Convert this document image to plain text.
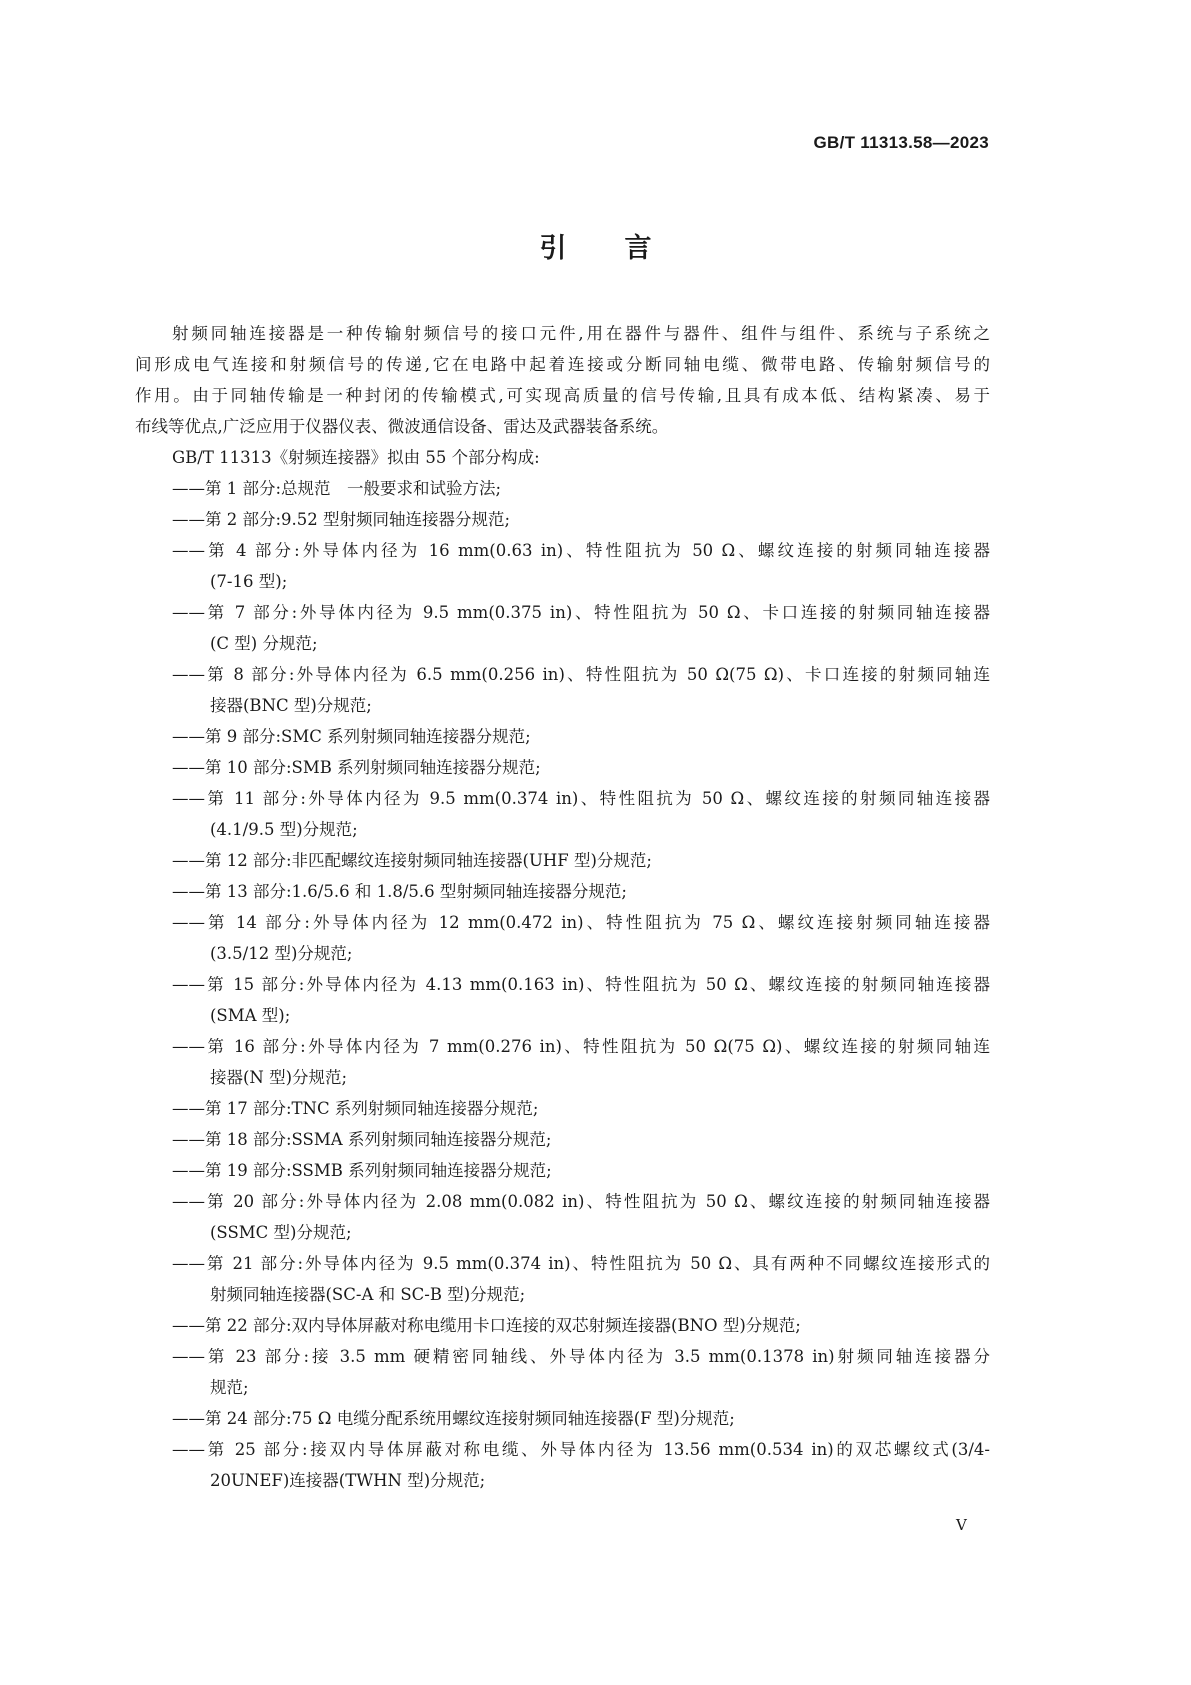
GB/T 11313.58—2023
引言
射频同轴连接器是一种传输射频信号的接口元件,用在器件与器件、组件与组件、系统与子系统之
间形成电气连接和射频信号的传递,它在电路中起着连接或分断同轴电缆、微带电路、传输射频信号的
作用。由于同轴传输是一种封闭的传输模式,可实现高质量的信号传输,且具有成本低、结构紧凑、易于
布线等优点,广泛应用于仪器仪表、微波通信设备、雷达及武器装备系统。
GB/T 11313《射频连接器》拟由 55 个部分构成:
——第 1 部分:总规范　一般要求和试验方法;
——第 2 部分:9.52 型射频同轴连接器分规范;
——第 4 部分:外导体内径为 16 mm(0.63 in)、特性阻抗为 50 Ω、螺纹连接的射频同轴连接器
(7-16 型);
——第 7 部分:外导体内径为 9.5 mm(0.375 in)、特性阻抗为 50 Ω、卡口连接的射频同轴连接器
(C 型) 分规范;
——第 8 部分:外导体内径为 6.5 mm(0.256 in)、特性阻抗为 50 Ω(75 Ω)、卡口连接的射频同轴连
接器(BNC 型)分规范;
——第 9 部分:SMC 系列射频同轴连接器分规范;
——第 10 部分:SMB 系列射频同轴连接器分规范;
——第 11 部分:外导体内径为 9.5 mm(0.374 in)、特性阻抗为 50 Ω、螺纹连接的射频同轴连接器
(4.1/9.5 型)分规范;
——第 12 部分:非匹配螺纹连接射频同轴连接器(UHF 型)分规范;
——第 13 部分:1.6/5.6 和 1.8/5.6 型射频同轴连接器分规范;
——第 14 部分:外导体内径为 12 mm(0.472 in)、特性阻抗为 75 Ω、螺纹连接射频同轴连接器
(3.5/12 型)分规范;
——第 15 部分:外导体内径为 4.13 mm(0.163 in)、特性阻抗为 50 Ω、螺纹连接的射频同轴连接器
(SMA 型);
——第 16 部分:外导体内径为 7 mm(0.276 in)、特性阻抗为 50 Ω(75 Ω)、螺纹连接的射频同轴连
接器(N 型)分规范;
——第 17 部分:TNC 系列射频同轴连接器分规范;
——第 18 部分:SSMA 系列射频同轴连接器分规范;
——第 19 部分:SSMB 系列射频同轴连接器分规范;
——第 20 部分:外导体内径为 2.08 mm(0.082 in)、特性阻抗为 50 Ω、螺纹连接的射频同轴连接器
(SSMC 型)分规范;
——第 21 部分:外导体内径为 9.5 mm(0.374 in)、特性阻抗为 50 Ω、具有两种不同螺纹连接形式的
射频同轴连接器(SC-A 和 SC-B 型)分规范;
——第 22 部分:双内导体屏蔽对称电缆用卡口连接的双芯射频连接器(BNO 型)分规范;
——第 23 部分:接 3.5 mm 硬精密同轴线、外导体内径为 3.5 mm(0.1378 in)射频同轴连接器分
规范;
——第 24 部分:75 Ω 电缆分配系统用螺纹连接射频同轴连接器(F 型)分规范;
——第 25 部分:接双内导体屏蔽对称电缆、外导体内径为 13.56 mm(0.534 in)的双芯螺纹式(3/4-
20UNEF)连接器(TWHN 型)分规范;
V
